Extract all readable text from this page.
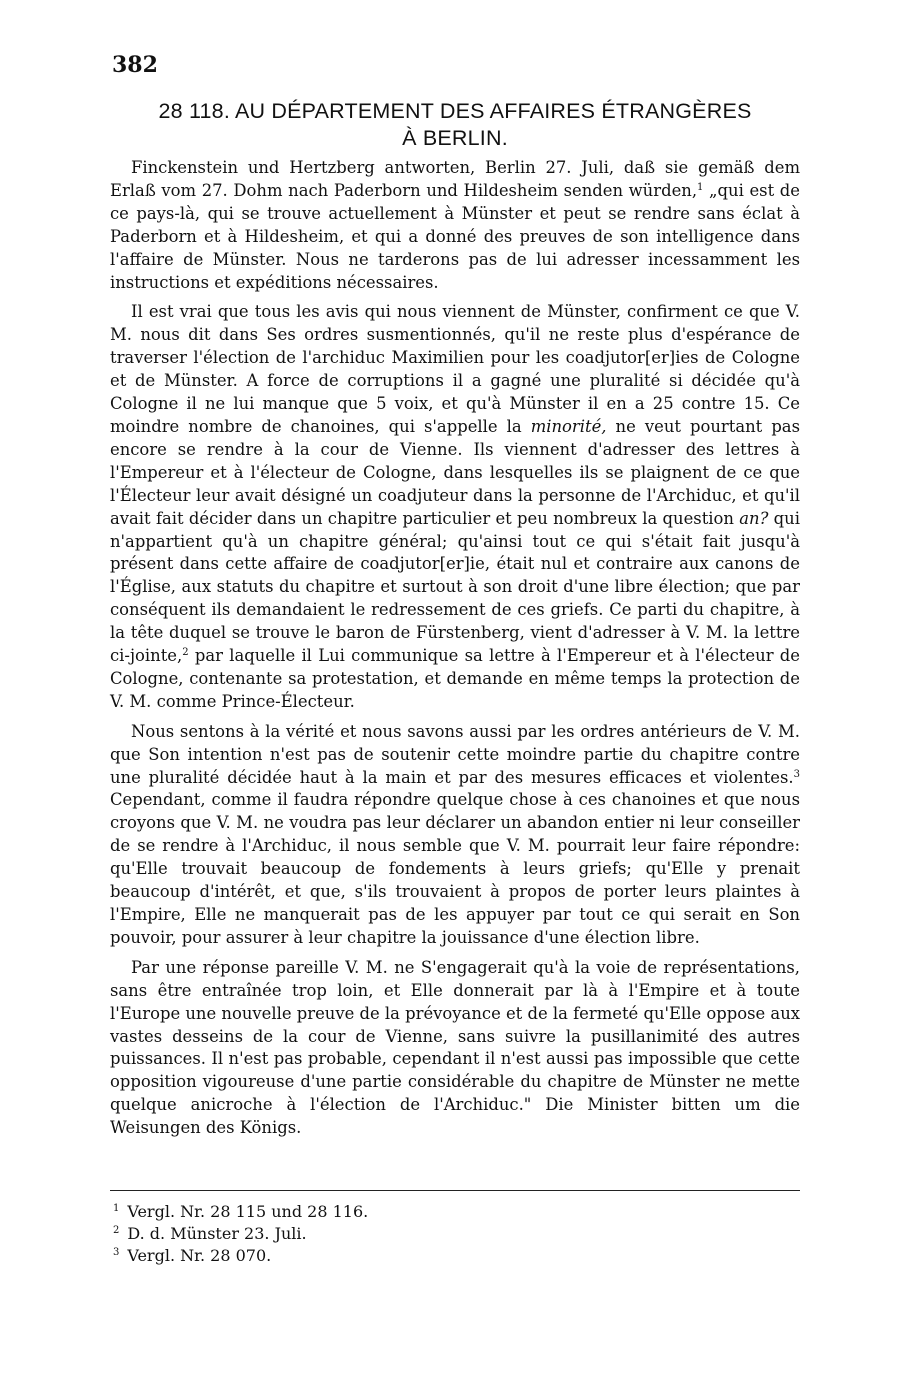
382
28 118. AU DÉPARTEMENT DES AFFAIRES ÉTRANGÈRES
À BERLIN.

Finckenstein und Hertzberg antworten, Berlin 27. Juli, daß sie gemäß dem Erlaß vom 27. Dohm nach Paderborn und Hildesheim senden würden,$^1$ „qui est de ce pays-là, qui se trouve actuellement à Münster et peut se rendre sans éclat à Paderborn et à Hildesheim, et qui a donné des preuves de son intelligence dans l'affaire de Münster. Nous ne tarderons pas de lui adresser incessamment les instructions et expéditions nécessaires.

Il est vrai que tous les avis qui nous viennent de Münster, confirment ce que V. M. nous dit dans Ses ordres susmentionnés, qu'il ne reste plus d'espérance de traverser l'élection de l'archiduc Maximilien pour les coadjutor[er]ies de Cologne et de Münster. A force de corruptions il a gagné une pluralité si décidée qu'à Cologne il ne lui manque que 5 voix, et qu'à Münster il en a 25 contre 15. Ce moindre nombre de chanoines, qui s'appelle la minorité, ne veut pourtant pas encore se rendre à la cour de Vienne. Ils viennent d'adresser des lettres à l'Empereur et à l'électeur de Cologne, dans lesquelles ils se plaignent de ce que l'Électeur leur avait désigné un coadjuteur dans la personne de l'Archiduc, et qu'il avait fait décider dans un chapitre particulier et peu nombreux la question an? qui n'appartient qu'à un chapitre général; qu'ainsi tout ce qui s'était fait jusqu'à présent dans cette affaire de coadjutor[er]ie, était nul et contraire aux canons de l'Église, aux statuts du chapitre et surtout à son droit d'une libre élection; que par conséquent ils demandaient le redressement de ces griefs. Ce parti du chapitre, à la tête duquel se trouve le baron de Fürstenberg, vient d'adresser à V. M. la lettre ci-jointe,$^2$ par laquelle il Lui communique sa lettre à l'Empereur et à l'électeur de Cologne, contenante sa protestation, et demande en même temps la protection de V. M. comme Prince-Électeur.

Nous sentons à la vérité et nous savons aussi par les ordres antérieurs de V. M. que Son intention n'est pas de soutenir cette moindre partie du chapitre contre une pluralité décidée haut à la main et par des mesures efficaces et violentes.$^3$ Cependant, comme il faudra répondre quelque chose à ces chanoines et que nous croyons que V. M. ne voudra pas leur déclarer un abandon entier ni leur conseiller de se rendre à l'Archiduc, il nous semble que V. M. pourrait leur faire répondre: qu'Elle trouvait beaucoup de fondements à leurs griefs; qu'Elle y prenait beaucoup d'intérêt, et que, s'ils trouvaient à propos de porter leurs plaintes à l'Empire, Elle ne manquerait pas de les appuyer par tout ce qui serait en Son pouvoir, pour assurer à leur chapitre la jouissance d'une élection libre.

Par une réponse pareille V. M. ne S'engagerait qu'à la voie de représentations, sans être entraînée trop loin, et Elle donnerait par là à l'Empire et à toute l'Europe une nouvelle preuve de la prévoyance et de la fermeté qu'Elle oppose aux vastes desseins de la cour de Vienne, sans suivre la pusillanimité des autres puissances. Il n'est pas probable, cependant il n'est aussi pas impossible que cette opposition vigoureuse d'une partie considérable du chapitre de Münster ne mette quelque anicroche à l'élection de l'Archiduc." Die Minister bitten um die Weisungen des Königs.

$^1$ Vergl. Nr. 28 115 und 28 116.
$^2$ D. d. Münster 23. Juli.
$^3$ Vergl. Nr. 28 070.
